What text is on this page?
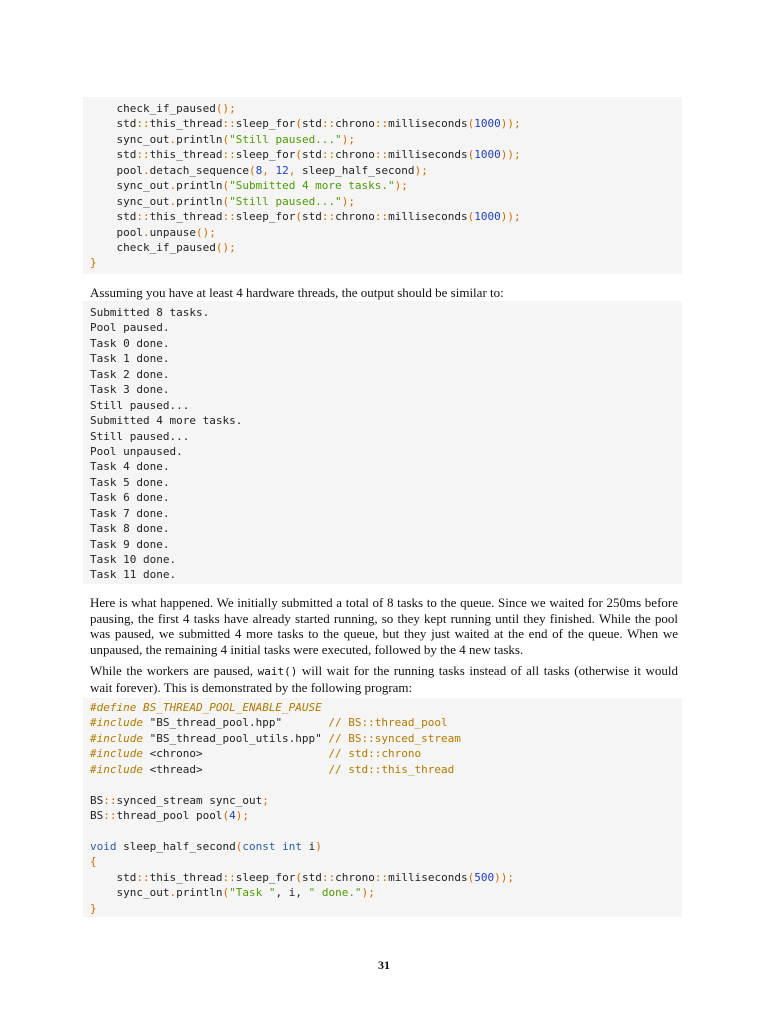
check_if_paused();
std::this_thread::sleep_for(std::chrono::milliseconds(1000));
sync_out.println("Still paused...");
std::this_thread::sleep_for(std::chrono::milliseconds(1000));
pool.detach_sequence(8, 12, sleep_half_second);
sync_out.println("Submitted 4 more tasks.");
sync_out.println("Still paused...");
std::this_thread::sleep_for(std::chrono::milliseconds(1000));
pool.unpause();
check_if_paused();
}

Assuming you have at least 4 hardware threads, the output should be similar to:

Submitted 8 tasks.
Pool paused.
Task 0 done.
Task 1 done.
Task 2 done.
Task 3 done.
Still paused...
Submitted 4 more tasks.
Still paused...
Pool unpaused.
Task 4 done.
Task 5 done.
Task 6 done.
Task 7 done.
Task 8 done.
Task 9 done.
Task 10 done.
Task 11 done.

Here is what happened. We initially submitted a total of 8 tasks to the queue. Since we waited for 250ms before pausing, the first 4 tasks have already started running, so they kept running until they finished. While the pool was paused, we submitted 4 more tasks to the queue, but they just waited at the end of the queue. When we unpaused, the remaining 4 initial tasks were executed, followed by the 4 new tasks.

While the workers are paused, wait() will wait for the running tasks instead of all tasks (otherwise it would wait forever). This is demonstrated by the following program:

#define BS_THREAD_POOL_ENABLE_PAUSE
#include "BS_thread_pool.hpp"	// BS::thread_pool
#include "BS_thread_pool_utils.hpp" // BS::synced_stream
#include <chrono>	// std::chrono
#include <thread>	// std::this_thread

BS::synced_stream sync_out;
BS::thread_pool pool(4);

void sleep_half_second(const int i)
{
std::this_thread::sleep_for(std::chrono::milliseconds(500));
sync_out.println("Task ", i, " done.");
}
31
